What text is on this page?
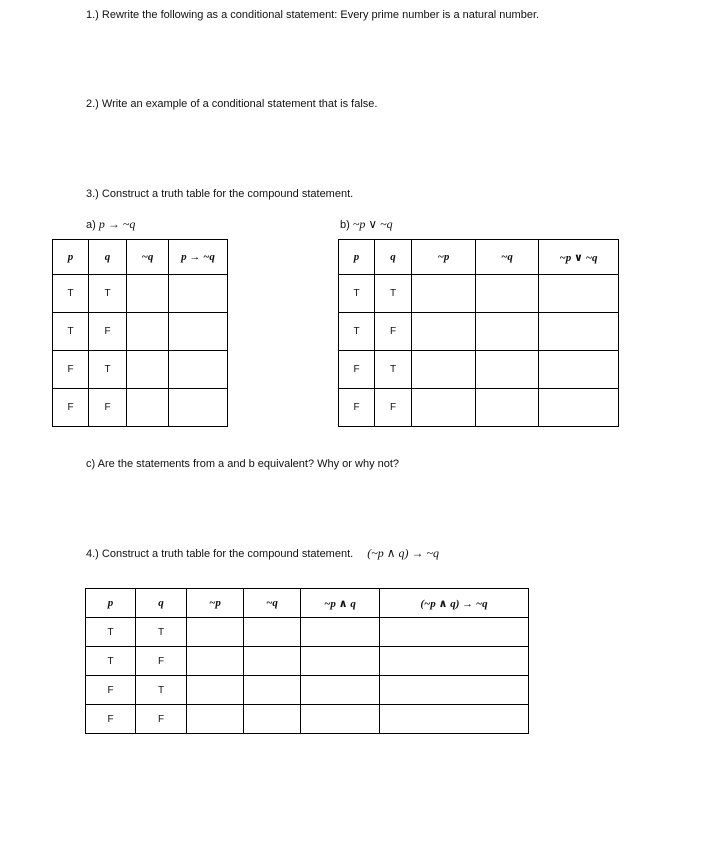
1.) Rewrite the following as a conditional statement: Every prime number is a natural number.
2.) Write an example of a conditional statement that is false.
3.) Construct a truth table for the compound statement.
a) p → ~q	b) ~p ∨ ~q
p	q	~q	p → ~q
T	T		
T	F		
F	T		
F	F		
p	q	~p	~q	~p ∨ ~q
T	T			
T	F			
F	T			
F	F			
c) Are the statements from a and b equivalent? Why or why not?
4.) Construct a truth table for the compound statement. (~p ∧ q) → ~q
p	q	~p	~q	~p ∧ q	(~p ∧ q) → ~q
T	T				
T	F				
F	T				
F	F				
